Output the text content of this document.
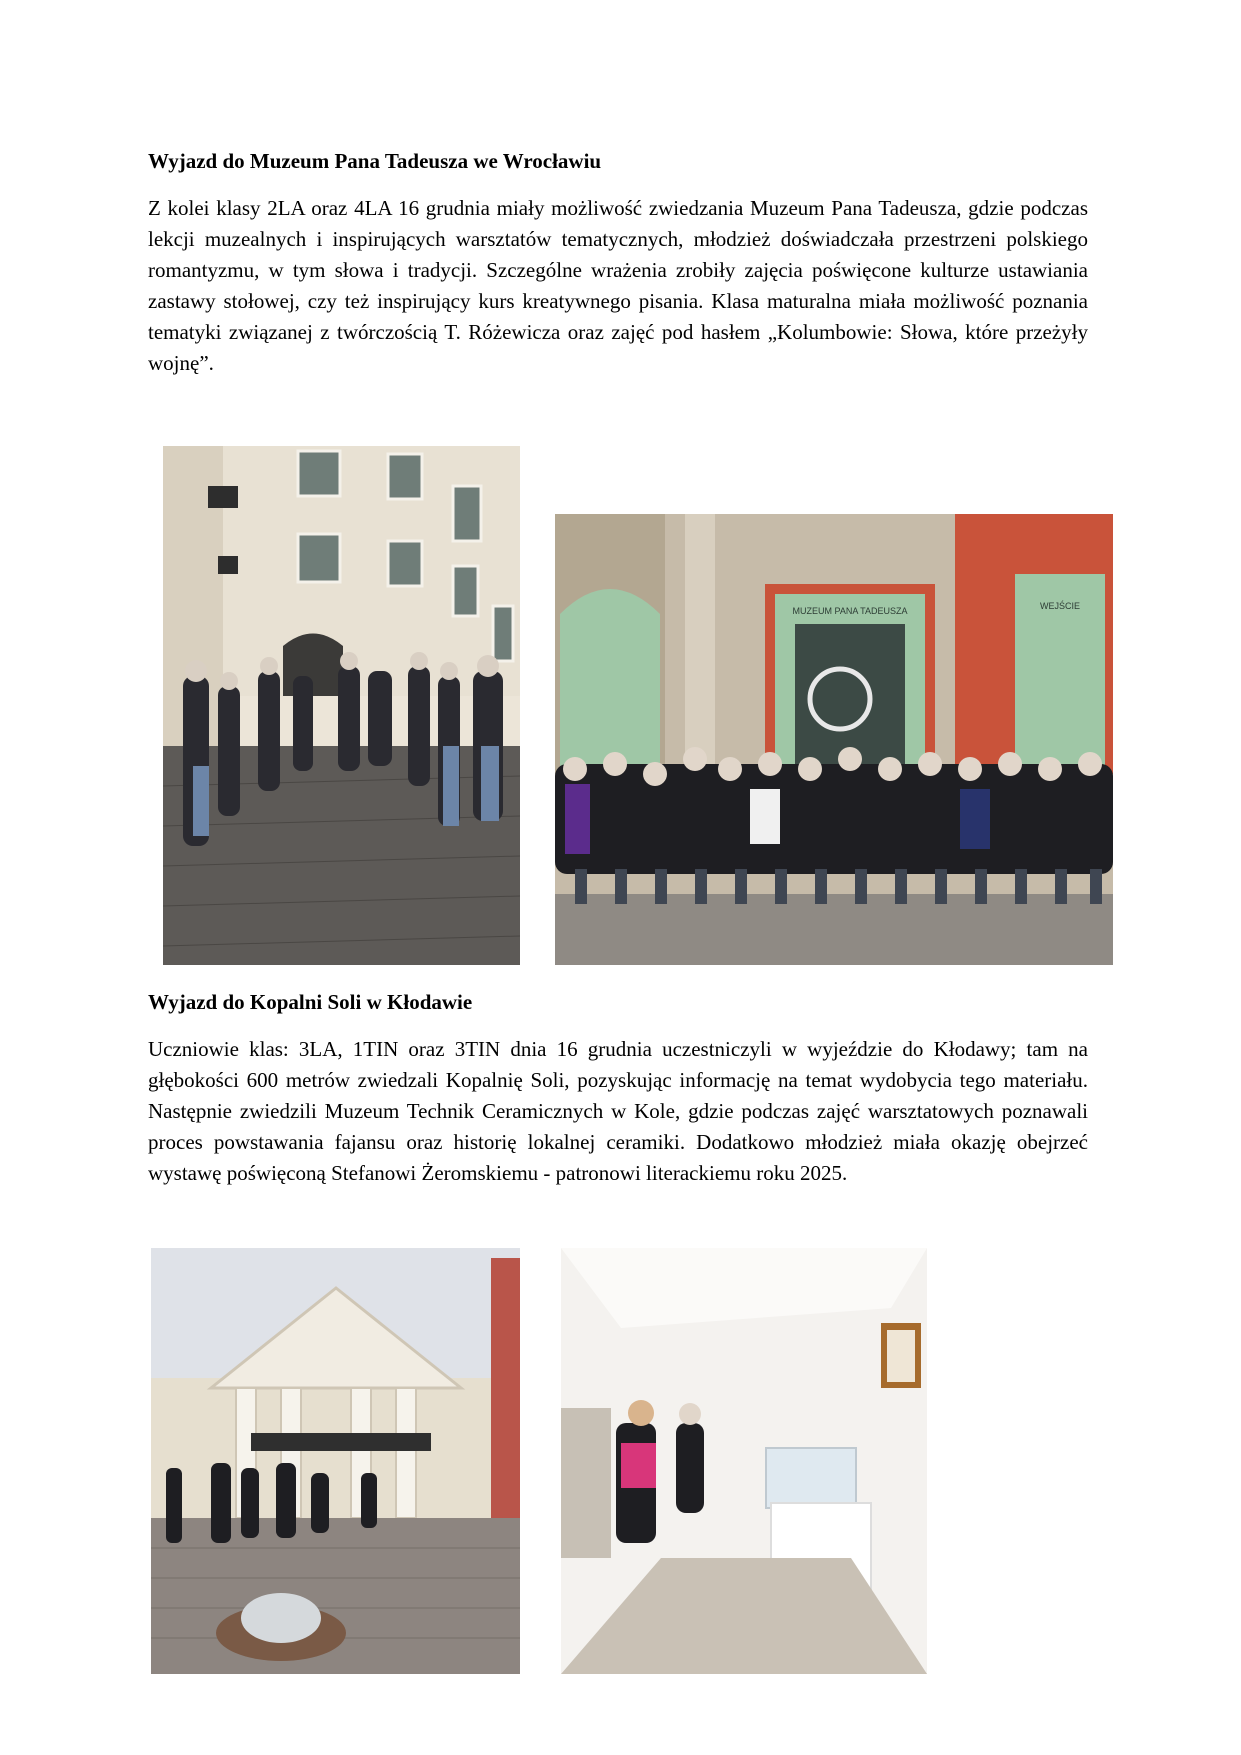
Wyjazd do Muzeum Pana Tadeusza we Wrocławiu

Z kolei klasy 2LA oraz 4LA 16 grudnia miały możliwość zwiedzania Muzeum Pana Tadeusza, gdzie podczas lekcji muzealnych i inspirujących warsztatów tematycznych, młodzież doświadczała przestrzeni polskiego romantyzmu, w tym słowa i tradycji. Szczególne wrażenia zrobiły zajęcia poświęcone kulturze ustawiania zastawy stołowej, czy też inspirujący kurs kreatywnego pisania. Klasa maturalna miała możliwość poznania tematyki związanej z twórczością T. Różewicza oraz zajęć pod hasłem „Kolumbowie: Słowa, które przeżyły wojnę”.

MUZEUM PANA TADEUSZA	WEJŚCIE
Wyjazd do Kopalni Soli w Kłodawie

Uczniowie klas: 3LA, 1TIN oraz 3TIN dnia 16 grudnia uczestniczyli w wyjeździe do Kłodawy; tam na głębokości 600 metrów zwiedzali Kopalnię Soli, pozyskując informację na temat wydobycia tego materiału. Następnie zwiedzili Muzeum Technik Ceramicznych w Kole, gdzie podczas zajęć warsztatowych poznawali proces powstawania fajansu oraz historię lokalnej ceramiki. Dodatkowo młodzież miała okazję obejrzeć wystawę poświęconą Stefanowi Żeromskiemu - patronowi literackiemu roku 2025.
